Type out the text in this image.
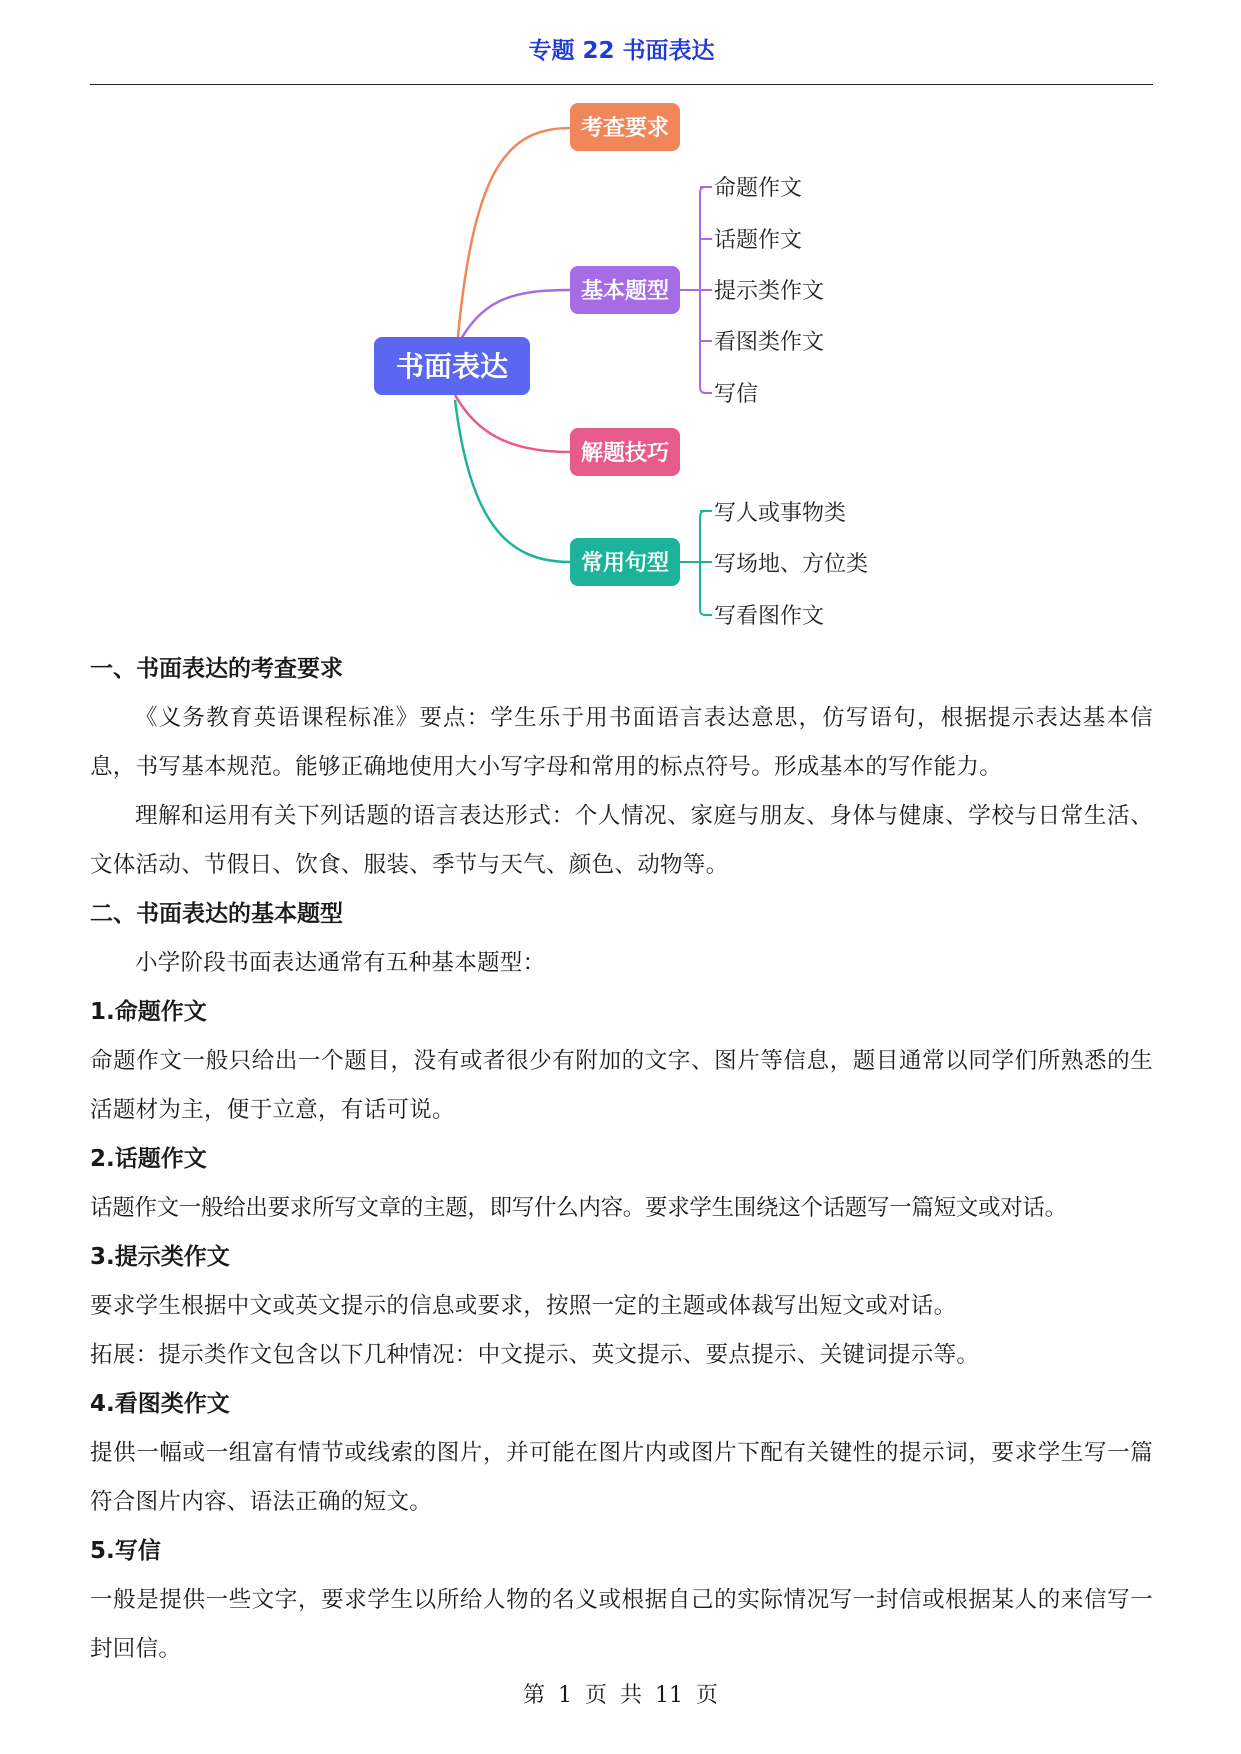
专题 22 书面表达
书面表达
考查要求
基本题型
解题技巧
常用句型
命题作文
话题作文
提示类作文
看图类作文
写信
写人或事物类
写场地、方位类
写看图作文
一、书面表达的考查要求

《义务教育英语课程标准》要点：学生乐于用书面语言表达意思，仿写语句，根据提示表达基本信息，书写基本规范。能够正确地使用大小写字母和常用的标点符号。形成基本的写作能力。

理解和运用有关下列话题的语言表达形式：个人情况、家庭与朋友、身体与健康、学校与日常生活、文体活动、节假日、饮食、服装、季节与天气、颜色、动物等。

二、书面表达的基本题型

小学阶段书面表达通常有五种基本题型：

1.命题作文

命题作文一般只给出一个题目，没有或者很少有附加的文字、图片等信息，题目通常以同学们所熟悉的生活题材为主，便于立意，有话可说。

2.话题作文

话题作文一般给出要求所写文章的主题，即写什么内容。要求学生围绕这个话题写一篇短文或对话。

3.提示类作文

要求学生根据中文或英文提示的信息或要求，按照一定的主题或体裁写出短文或对话。

拓展：提示类作文包含以下几种情况：中文提示、英文提示、要点提示、关键词提示等。

4.看图类作文

提供一幅或一组富有情节或线索的图片，并可能在图片内或图片下配有关键性的提示词，要求学生写一篇符合图片内容、语法正确的短文。

5.写信

一般是提供一些文字，要求学生以所给人物的名义或根据自己的实际情况写一封信或根据某人的来信写一封回信。

第 1 页 共 11 页
